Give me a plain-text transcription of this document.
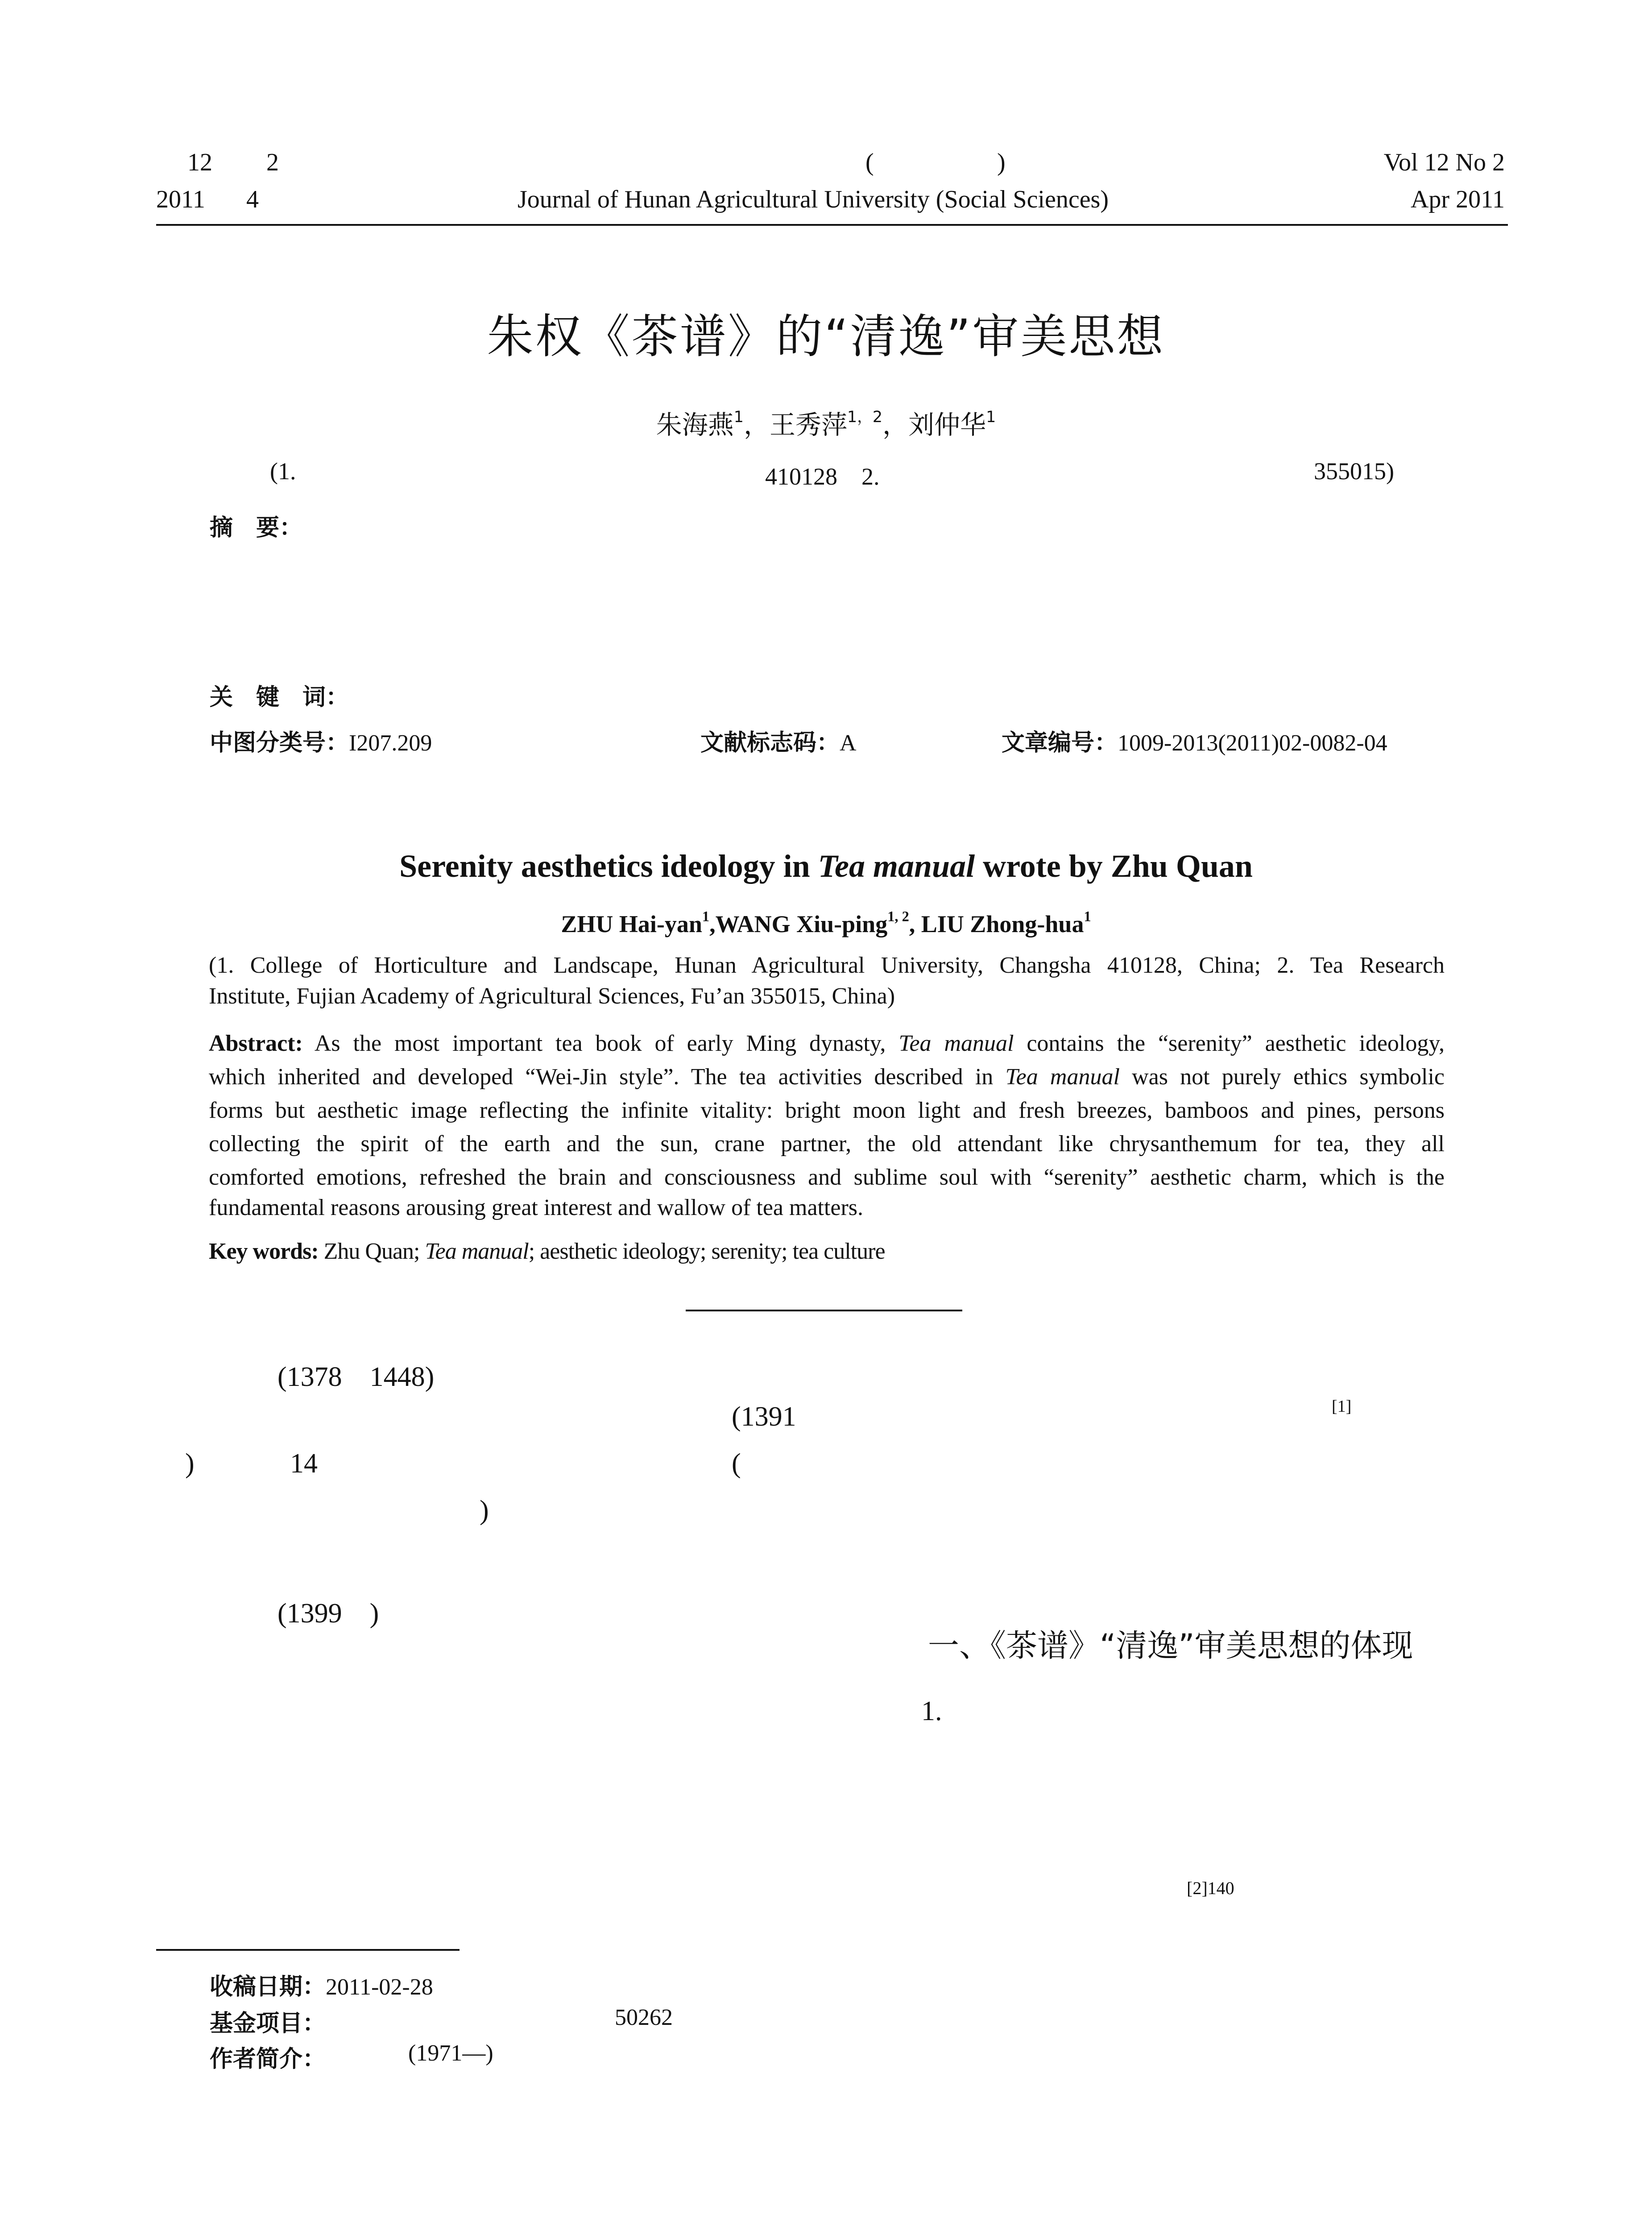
12 2	(	)	Vol 12 No 2
2011 4	Journal of Hunan Agricultural University (Social Sciences)	Apr 2011
朱权《茶谱》的“清逸”审美思想
朱海燕$^1$，王秀萍$^{1,2}$，刘仲华$^1$
(1.	410128　2.	355015)
摘　要：
关　键　词：
中图分类号：I207.209	文献标志码：A	文章编号：1009-2013(2011)02-0082-04
Serenity aesthetics ideology in Tea manual wrote by Zhu Quan
ZHU Hai-yan$^1$,WANG Xiu-ping$^{1, 2}$, LIU Zhong-hua$^1$
(1. College of Horticulture and Landscape, Hunan Agricultural University, Changsha 410128, China; 2. Tea Research
Institute, Fujian Academy of Agricultural Sciences, Fu’an 355015, China)
Abstract: As the most important tea book of early Ming dynasty, Tea manual contains the “serenity” aesthetic ideology,
which inherited and developed “Wei-Jin style”. The tea activities described in Tea manual was not purely ethics symbolic
forms but aesthetic image reflecting the infinite vitality: bright moon light and fresh breezes, bamboos and pines, persons
collecting the spirit of the earth and the sun, crane partner, the old attendant like chrysanthemum for tea, they all
comforted emotions, refreshed the brain and consciousness and sublime soul with “serenity” aesthetic charm, which is the
fundamental reasons arousing great interest and wallow of tea matters.
Key words: Zhu Quan; Tea manual; aesthetic ideology; serenity; tea culture
(1378　1448)
)	14
)
(1399　)
(1391	[1]
(
一、《茶谱》“清逸”审美思想的体现
1.
[2]140
收稿日期：2011-02-28
基金项目：	50262
作者简介：	(1971—)
